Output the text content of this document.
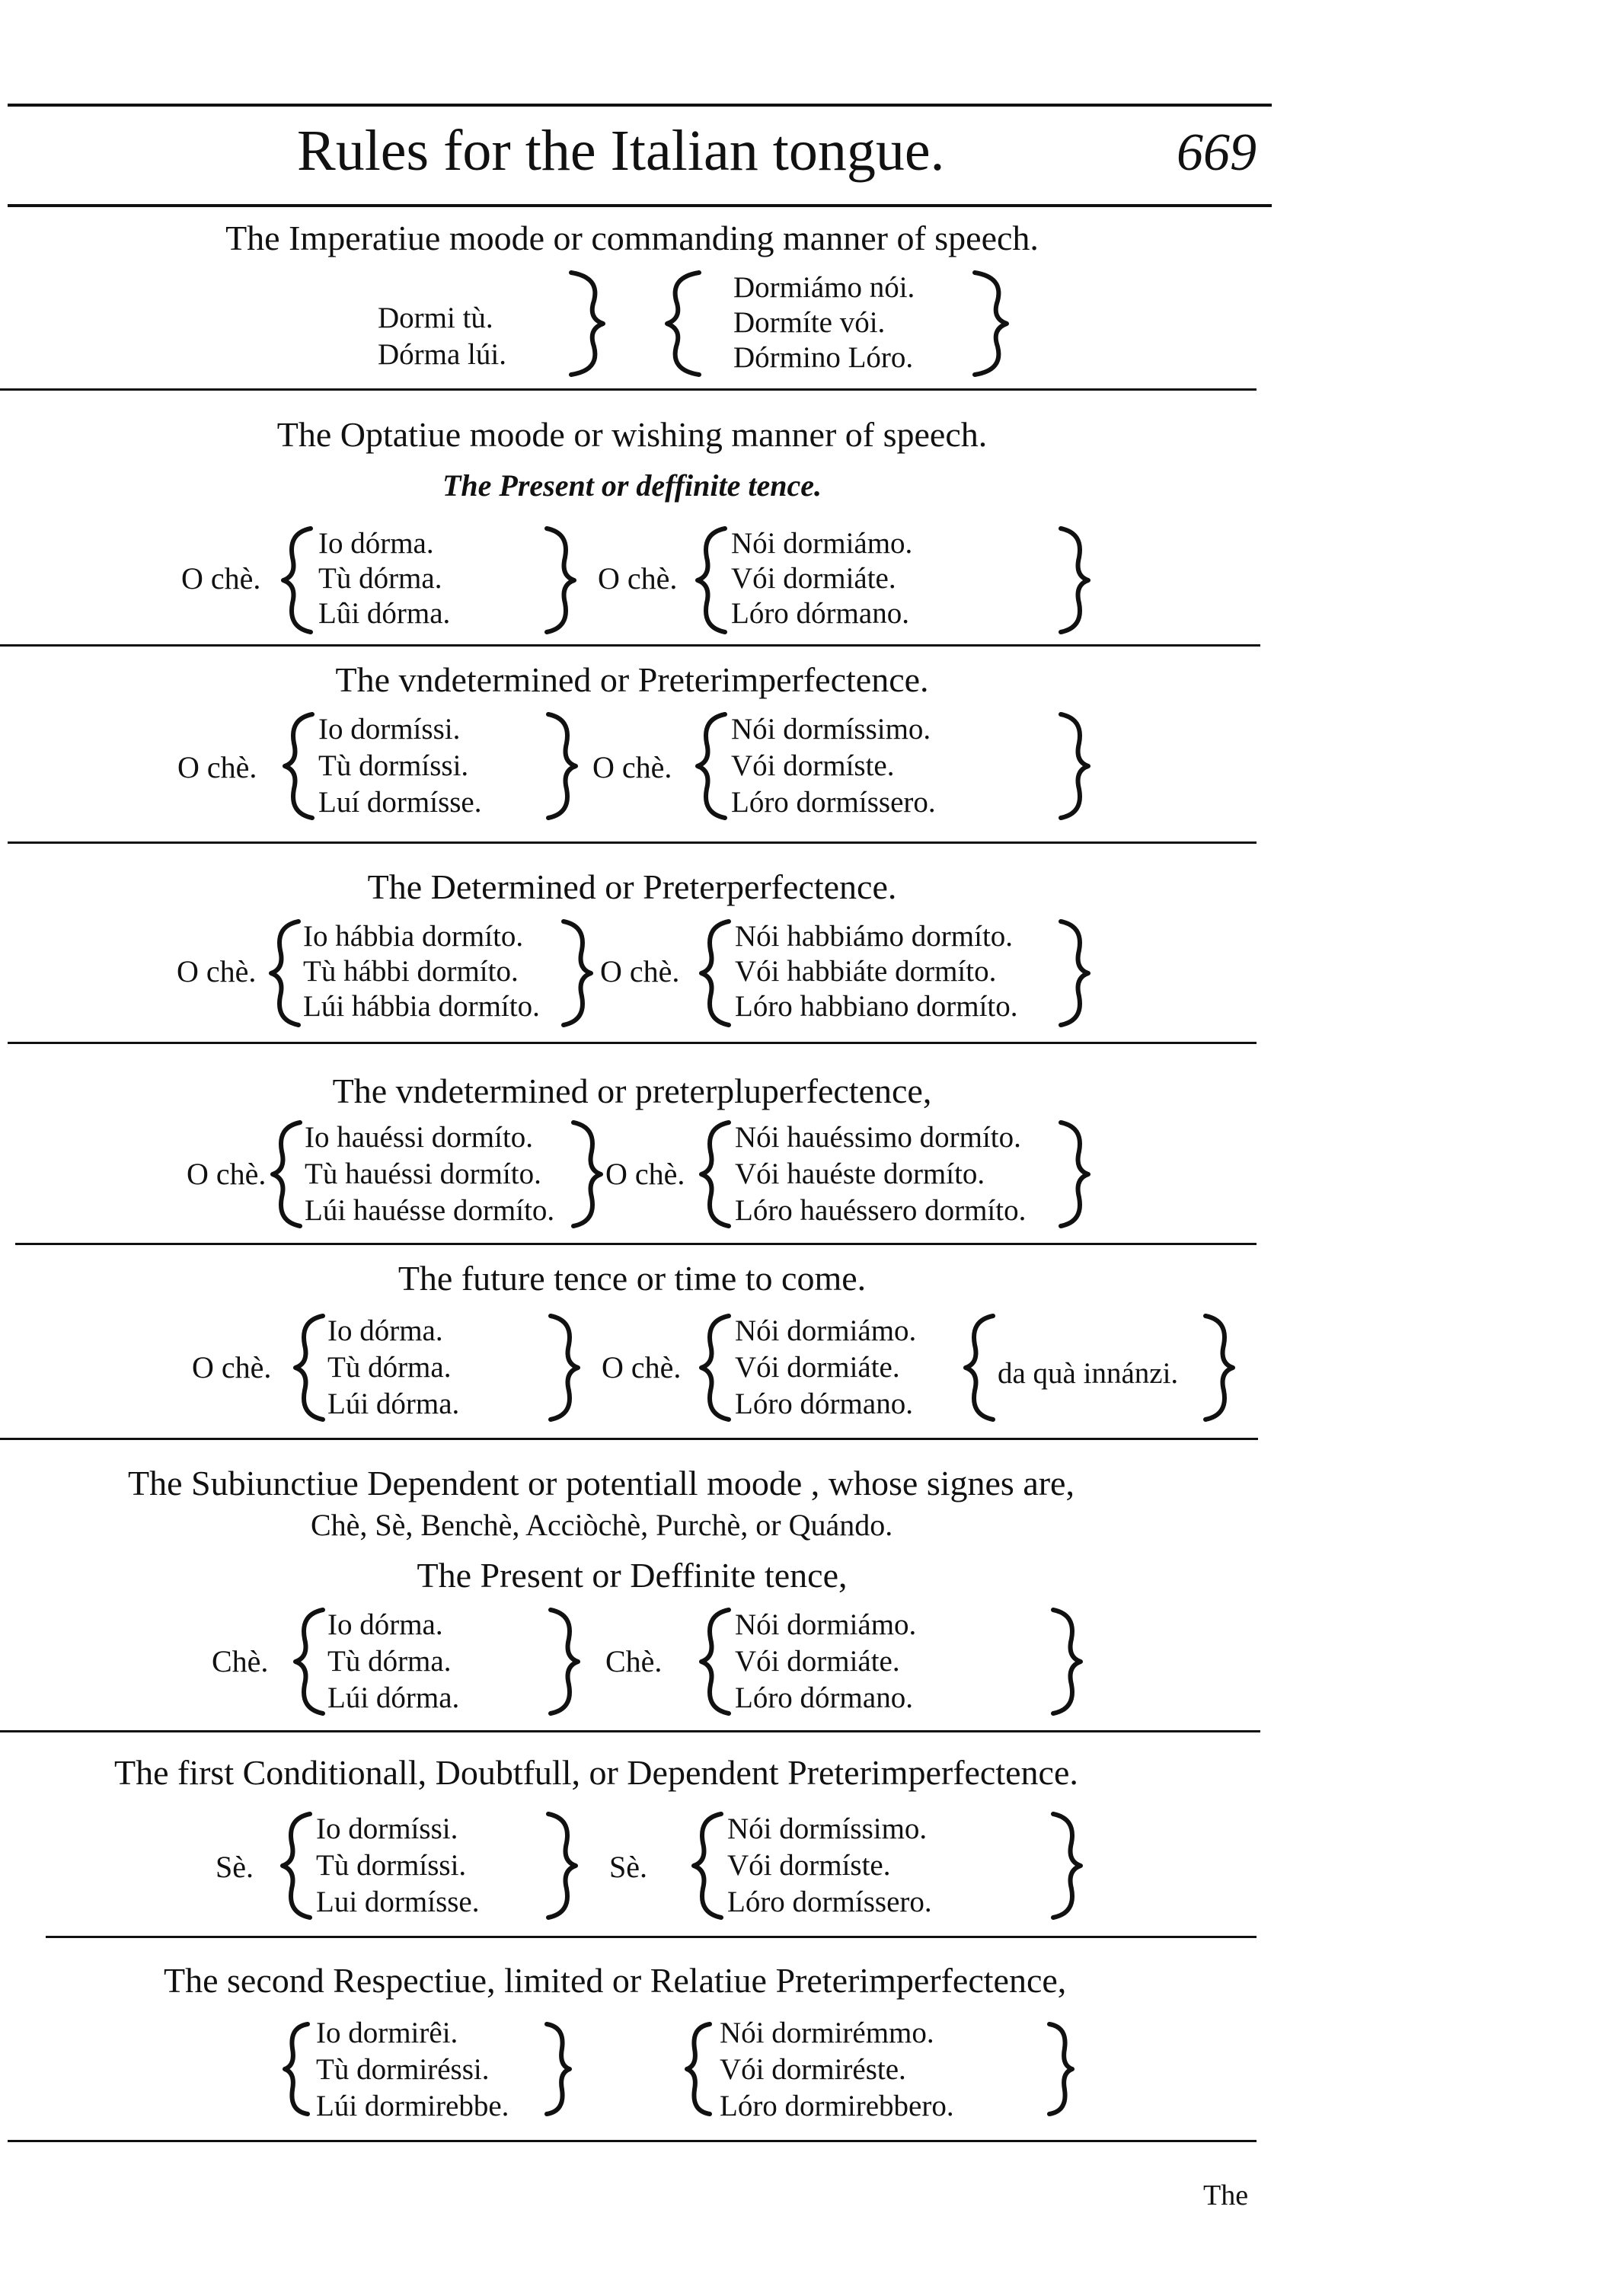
Rules for the Italian tongue.	669
The Imperatiue moode or commanding manner of speech.
Dormi tù.
Dórma lúi.
Dormiámo nói.
Dormíte vói.
Dórmino Lóro.
The Optatiue moode or wishing manner of speech.
The Present or deffinite tence.
O chè.
Io dórma.
Tù dórma.
Lûi dórma.
O chè.
Nói dormiámo.
Vói dormiáte.
Lóro dórmano.
The vndetermined or Preterimperfectence.
O chè.
Io dormíssi.
Tù dormíssi.
Luí dormísse.
O chè.
Nói dormíssimo.
Vói dormíste.
Lóro dormíssero.
The Determined or Preterperfectence.
O chè.
Io hábbia dormíto.
Tù hábbi dormíto.
Lúi hábbia dormíto.
O chè.
Nói habbiámo dormíto.
Vói habbiáte dormíto.
Lóro habbiano dormíto.
The vndetermined or preterpluperfectence,
O chè.
Io hauéssi dormíto.
Tù hauéssi dormíto.
Lúi hauésse dormíto.
O chè.
Nói hauéssimo dormíto.
Vói hauéste dormíto.
Lóro hauéssero dormíto.
The future tence or time to come.
O chè.
Io dórma.
Tù dórma.
Lúi dórma.
O chè.
Nói dormiámo.
Vói dormiáte.
Lóro dórmano.
da quà innánzi.
The Subiunctiue Dependent or potentiall moode , whose signes are,
Chè, Sè, Benchè, Acciòchè, Purchè, or Quándo.
The Present or Deffinite tence,
Chè.
Io dórma.
Tù dórma.
Lúi dórma.
Chè.
Nói dormiámo.
Vói dormiáte.
Lóro dórmano.
The first Conditionall, Doubtfull, or Dependent Preterimperfectence.
Sè.
Io dormíssi.
Tù dormíssi.
Lui dormísse.
Sè.
Nói dormíssimo.
Vói dormíste.
Lóro dormíssero.
The second Respectiue, limited or Relatiue Preterimperfectence,
Io dormirêi.
Tù dormiréssi.
Lúi dormirebbe.
Nói dormirémmo.
Vói dormiréste.
Lóro dormirebbero.
The
